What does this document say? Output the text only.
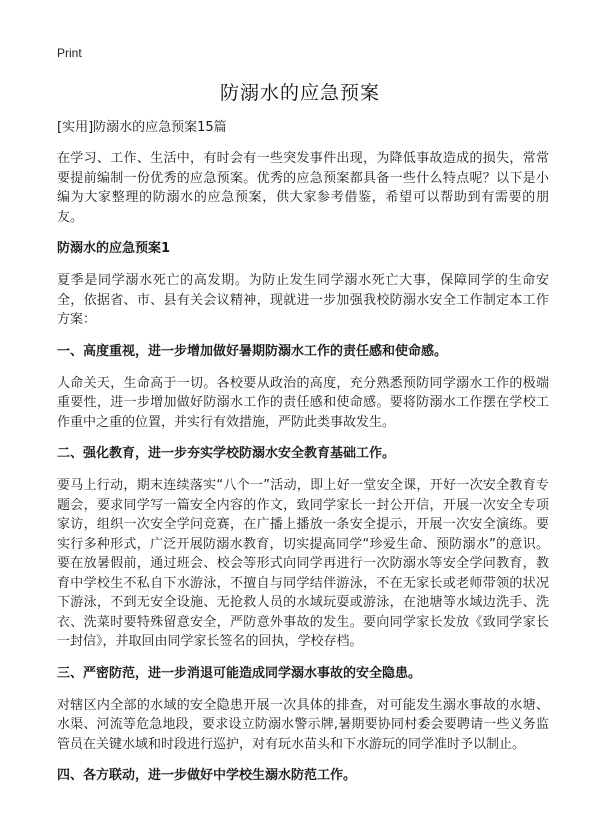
Print
防溺水的应急预案
[实用]防溺水的应急预案15篇

在学习、工作、生活中，有时会有一些突发事件出现，为降低事故造成的损失，常常要提前编制一份优秀的应急预案。优秀的应急预案都具备一些什么特点呢？以下是小编为大家整理的防溺水的应急预案，供大家参考借鉴，希望可以帮助到有需要的朋友。

防溺水的应急预案1

夏季是同学溺水死亡的高发期。为防止发生同学溺水死亡大事，保障同学的生命安全，依据省、市、县有关会议精神，现就进一步加强我校防溺水安全工作制定本工作方案：

一、高度重视，进一步增加做好暑期防溺水工作的责任感和使命感。

人命关天，生命高于一切。各校要从政治的高度，充分熟悉预防同学溺水工作的极端重要性，进一步增加做好防溺水工作的责任感和使命感。要将防溺水工作摆在学校工作重中之重的位置，并实行有效措施，严防此类事故发生。

二、强化教育，进一步夯实学校防溺水安全教育基础工作。

要马上行动，期末连续落实“八个一”活动，即上好一堂安全课，开好一次安全教育专题会，要求同学写一篇安全内容的作文，致同学家长一封公开信，开展一次安全专项家访，组织一次安全学问竞赛，在广播上播放一条安全提示，开展一次安全演练。要实行多种形式，广泛开展防溺水教育，切实提高同学“珍爱生命、预防溺水”的意识。要在放暑假前，通过班会、校会等形式向同学再进行一次防溺水等安全学问教育，教育中学校生不私自下水游泳，不擅自与同学结伴游泳，不在无家长或老师带领的状况下游泳，不到无安全设施、无抢救人员的水域玩耍或游泳，在池塘等水域边洗手、洗衣、洗菜时要特殊留意安全，严防意外事故的发生。要向同学家长发放《致同学家长一封信》，并取回由同学家长签名的回执，学校存档。

三、严密防范，进一步消退可能造成同学溺水事故的安全隐患。

对辖区内全部的水域的安全隐患开展一次具体的排查，对可能发生溺水事故的水塘、水渠、河流等危急地段，要求设立防溺水警示牌,暑期要协同村委会要聘请一些义务监管员在关键水域和时段进行巡护，对有玩水苗头和下水游玩的同学准时予以制止。

四、各方联动，进一步做好中学校生溺水防范工作。
